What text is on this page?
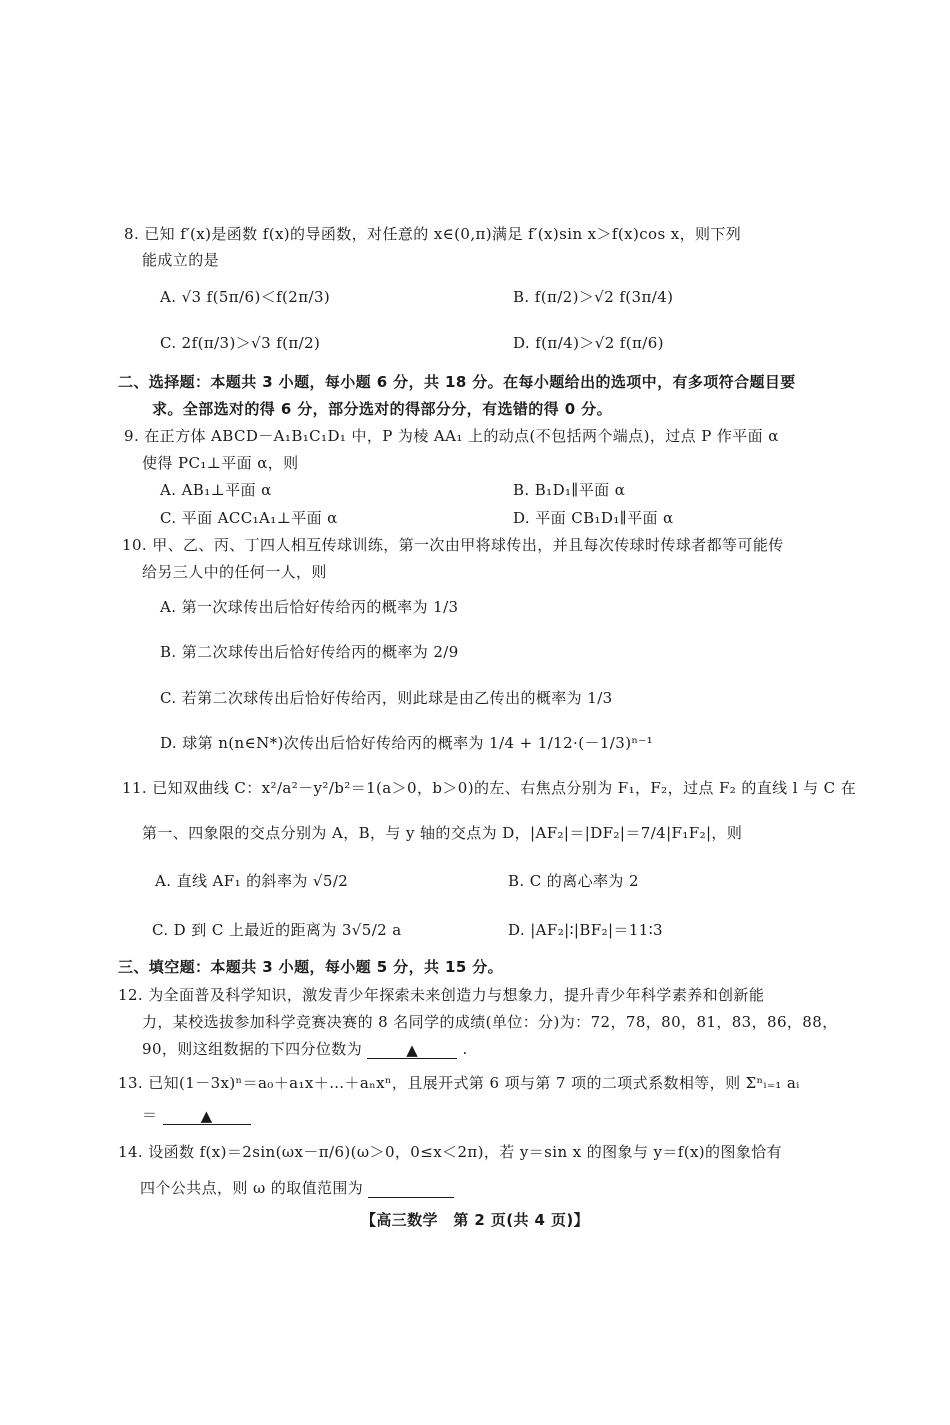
8. 已知 f′(x)是函数 f(x)的导函数，对任意的 x∈(0,π)满足 f′(x)sin x＞f(x)cos x，则下列
能成立的是
A. √3 f(5π/6)＜f(2π/3)	B. f(π/2)＞√2 f(3π/4)
C. 2f(π/3)＞√3 f(π/2)	D. f(π/4)＞√2 f(π/6)
二、选择题：本题共 3 小题，每小题 6 分，共 18 分。在每小题给出的选项中，有多项符合题目要
求。全部选对的得 6 分，部分选对的得部分分，有选错的得 0 分。
9. 在正方体 ABCD－A₁B₁C₁D₁ 中，P 为棱 AA₁ 上的动点(不包括两个端点)，过点 P 作平面 α
使得 PC₁⊥平面 α，则
A. AB₁⊥平面 α	B. B₁D₁∥平面 α
C. 平面 ACC₁A₁⊥平面 α	D. 平面 CB₁D₁∥平面 α
10. 甲、乙、丙、丁四人相互传球训练，第一次由甲将球传出，并且每次传球时传球者都等可能传
给另三人中的任何一人，则
A. 第一次球传出后恰好传给丙的概率为 1/3
B. 第二次球传出后恰好传给丙的概率为 2/9
C. 若第二次球传出后恰好传给丙，则此球是由乙传出的概率为 1/3
D. 球第 n(n∈N*)次传出后恰好传给丙的概率为 1/4 + 1/12·(－1/3)ⁿ⁻¹
11. 已知双曲线 C：x²/a²－y²/b²＝1(a＞0，b＞0)的左、右焦点分别为 F₁，F₂，过点 F₂ 的直线 l 与 C 在
第一、四象限的交点分别为 A，B，与 y 轴的交点为 D，|AF₂|＝|DF₂|＝7/4|F₁F₂|，则
A. 直线 AF₁ 的斜率为 √5/2	B. C 的离心率为 2
C. D 到 C 上最近的距离为 3√5/2 a	D. |AF₂|∶|BF₂|＝11∶3
三、填空题：本题共 3 小题，每小题 5 分，共 15 分。
12. 为全面普及科学知识，激发青少年探索未来创造力与想象力，提升青少年科学素养和创新能
力，某校选拔参加科学竞赛决赛的 8 名同学的成绩(单位：分)为：72，78，80，81，83，86，88，
90，则这组数据的下四分位数为	▲	.
13. 已知(1－3x)ⁿ＝a₀＋a₁x＋…＋aₙxⁿ，且展开式第 6 项与第 7 项的二项式系数相等，则 Σⁿᵢ₌₁ aᵢ
＝	▲
14. 设函数 f(x)＝2sin(ωx－π/6)(ω＞0，0≤x＜2π)，若 y＝sin x 的图象与 y＝f(x)的图象恰有
四个公共点，则 ω 的取值范围为
【高三数学　第 2 页(共 4 页)】
